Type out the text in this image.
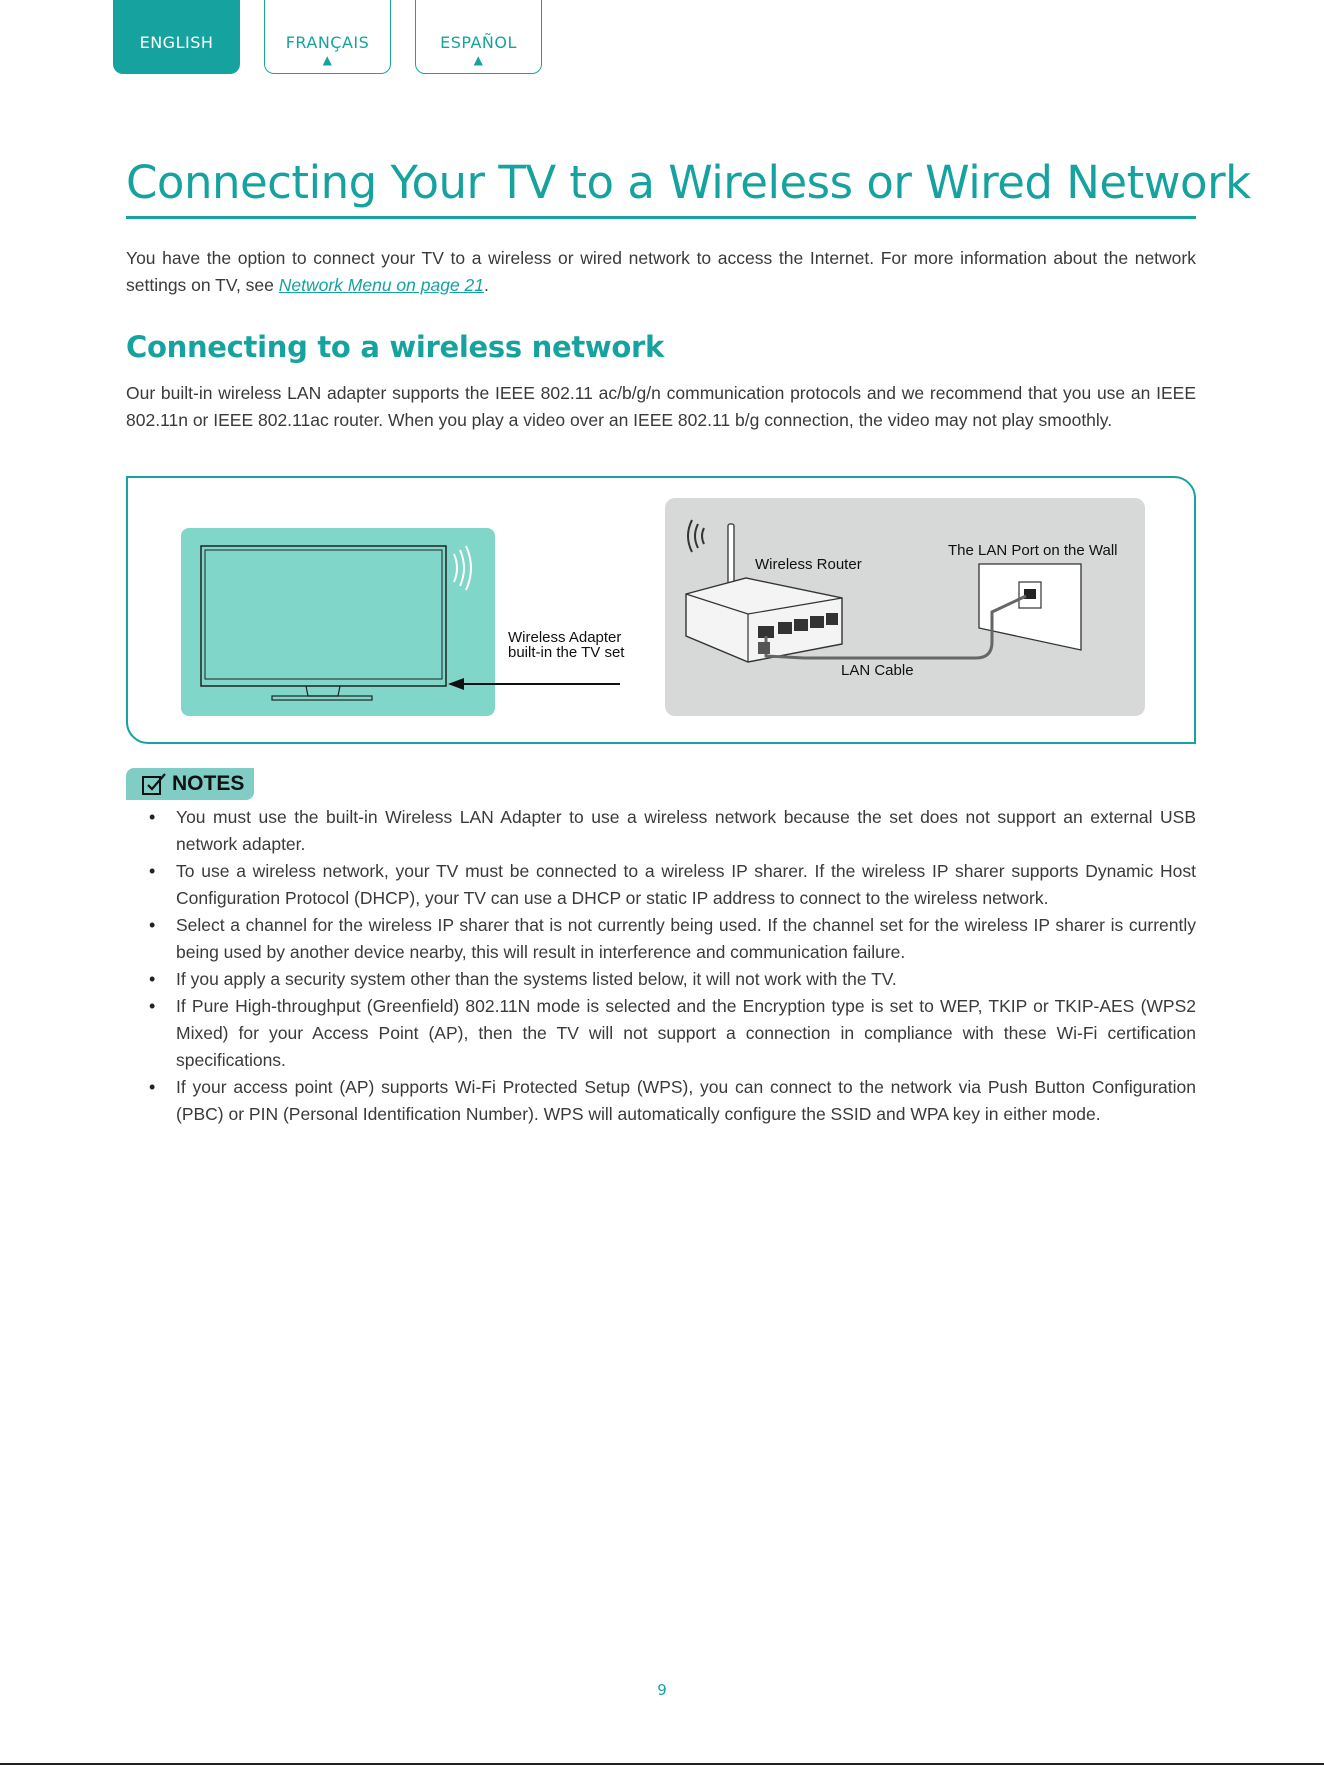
ENGLISH	FRANÇAIS
▲
ESPAÑOL
▲
Connecting Your TV to a Wireless or Wired Network

You have the option to connect your TV to a wireless or wired network to access the Internet. For more information about the network settings on TV, see Network Menu on page 21.

Connecting to a wireless network

Our built-in wireless LAN adapter supports the IEEE 802.11 ac/b/g/n communication protocols and we recommend that you use an IEEE 802.11n or IEEE 802.11ac router. When you play a video over an IEEE 802.11 b/g connection, the video may not play smoothly.

Wireless Adapter
built-in the TV set
Wireless Router
The LAN Port on the Wall
LAN Cable
NOTES
• You must use the built-in Wireless LAN Adapter to use a wireless network because the set does not support an external USB network adapter.
• To use a wireless network, your TV must be connected to a wireless IP sharer. If the wireless IP sharer supports Dynamic Host Configuration Protocol (DHCP), your TV can use a DHCP or static IP address to connect to the wireless network.
• Select a channel for the wireless IP sharer that is not currently being used. If the channel set for the wireless IP sharer is currently being used by another device nearby, this will result in interference and communication failure.
• If you apply a security system other than the systems listed below, it will not work with the TV.
• If Pure High-throughput (Greenfield) 802.11N mode is selected and the Encryption type is set to WEP, TKIP or TKIP-AES (WPS2 Mixed) for your Access Point (AP), then the TV will not support a connection in compliance with these Wi-Fi certification specifications.
• If your access point (AP) supports Wi-Fi Protected Setup (WPS), you can connect to the network via Push Button Configuration (PBC) or PIN (Personal Identification Number). WPS will automatically configure the SSID and WPA key in either mode.
9
